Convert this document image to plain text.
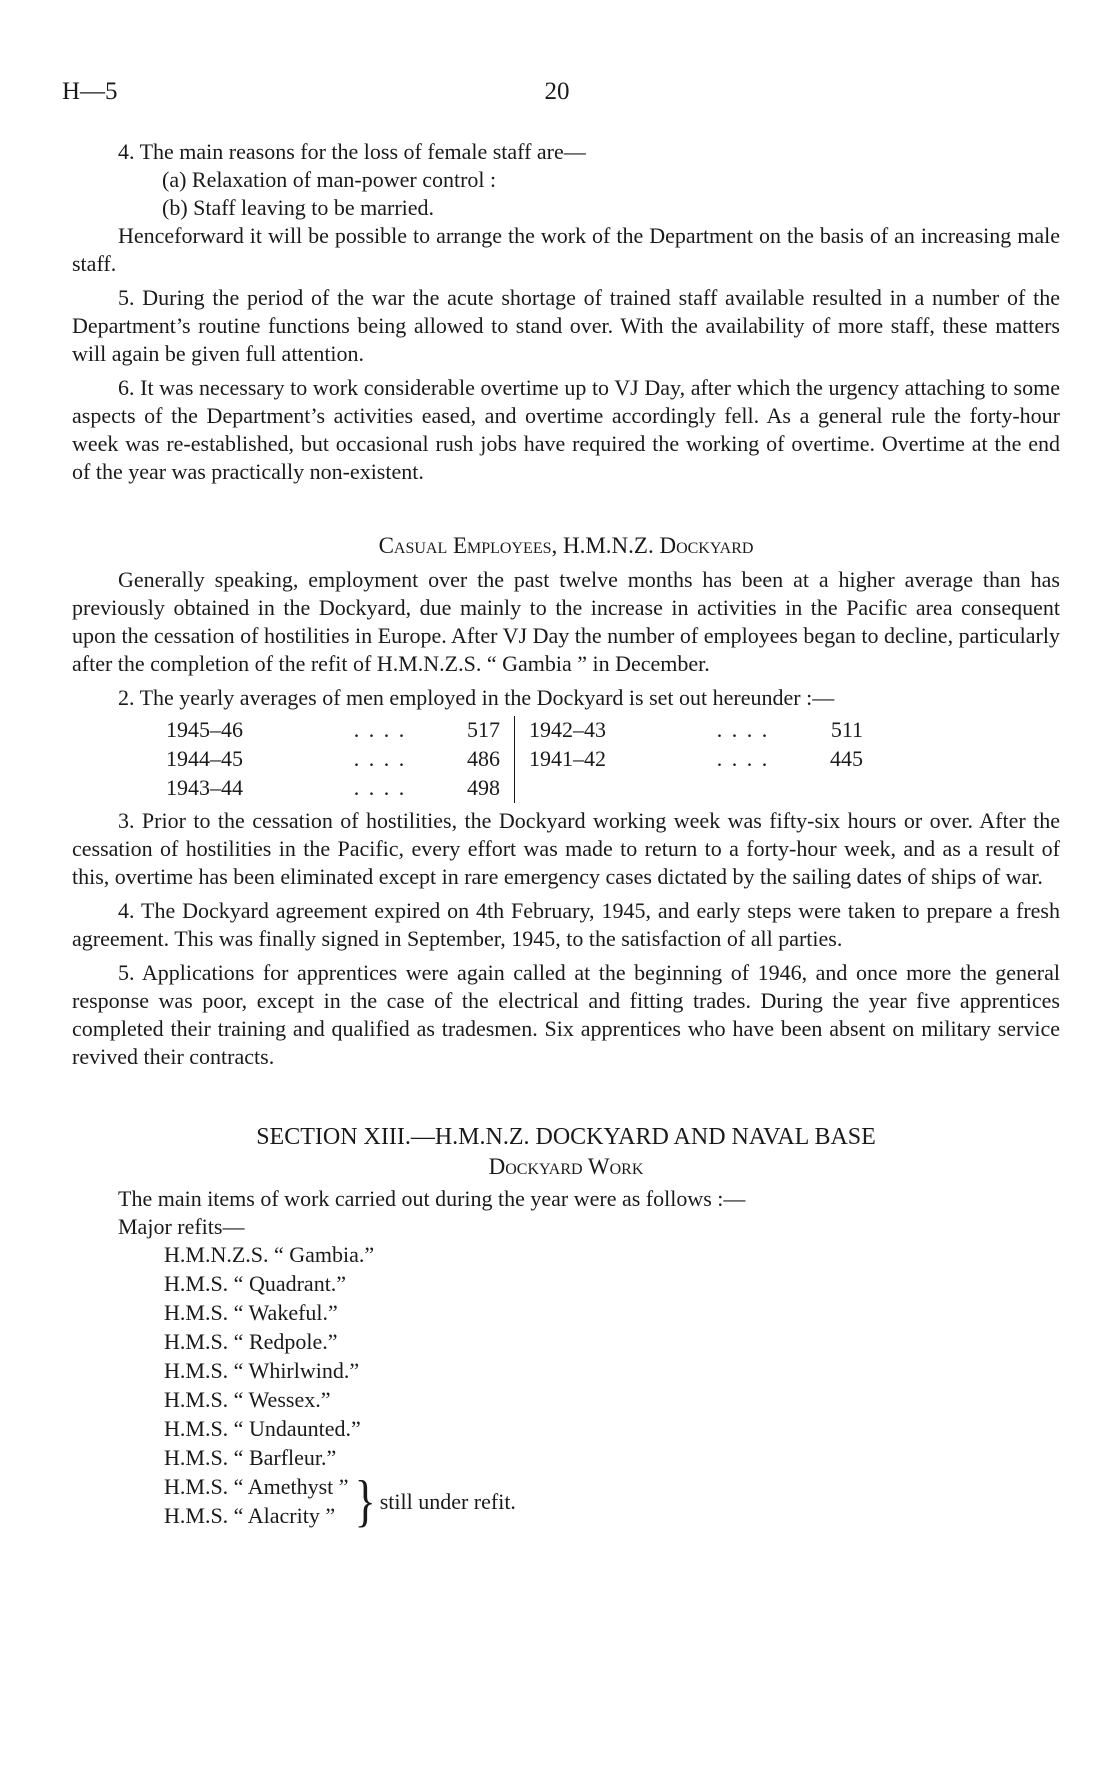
H—5	20

4. The main reasons for the loss of female staff are—

(a) Relaxation of man-power control :

(b) Staff leaving to be married.

Henceforward it will be possible to arrange the work of the Department on the basis of an increasing male staff.

5. During the period of the war the acute shortage of trained staff available resulted in a number of the Department’s routine functions being allowed to stand over. With the availability of more staff, these matters will again be given full attention.

6. It was necessary to work considerable overtime up to VJ Day, after which the urgency attaching to some aspects of the Department’s activities eased, and overtime accordingly fell. As a general rule the forty-hour week was re-established, but occasional rush jobs have required the working of overtime. Overtime at the end of the year was practically non-existent.

Casual Employees, H.M.N.Z. Dockyard

Generally speaking, employment over the past twelve months has been at a higher average than has previously obtained in the Dockyard, due mainly to the increase in activities in the Pacific area consequent upon the cessation of hostilities in Europe. After VJ Day the number of employees began to decline, particularly after the completion of the refit of H.M.N.Z.S. “ Gambia ” in December.

2. The yearly averages of men employed in the Dockyard is set out hereunder :—

1945–46	. . . .	517	1942–43	. . . .	511
1944–45	. . . .	486	1941–42	. . . .	445
1943–44	. . . .	498			

3. Prior to the cessation of hostilities, the Dockyard working week was fifty-six hours or over. After the cessation of hostilities in the Pacific, every effort was made to return to a forty-hour week, and as a result of this, overtime has been eliminated except in rare emergency cases dictated by the sailing dates of ships of war.

4. The Dockyard agreement expired on 4th February, 1945, and early steps were taken to prepare a fresh agreement. This was finally signed in September, 1945, to the satisfaction of all parties.

5. Applications for apprentices were again called at the beginning of 1946, and once more the general response was poor, except in the case of the electrical and fitting trades. During the year five apprentices completed their training and qualified as tradesmen. Six apprentices who have been absent on military service revived their contracts.

SECTION XIII.—H.M.N.Z. DOCKYARD AND NAVAL BASE
Dockyard Work

The main items of work carried out during the year were as follows :—

Major refits—

H.M.N.Z.S. “ Gambia.”
H.M.S. “ Quadrant.”
H.M.S. “ Wakeful.”
H.M.S. “ Redpole.”
H.M.S. “ Whirlwind.”
H.M.S. “ Wessex.”
H.M.S. “ Undaunted.”
H.M.S. “ Barfleur.”
H.M.S. “ Amethyst ”
H.M.S. “ Alacrity ” } still under refit.
